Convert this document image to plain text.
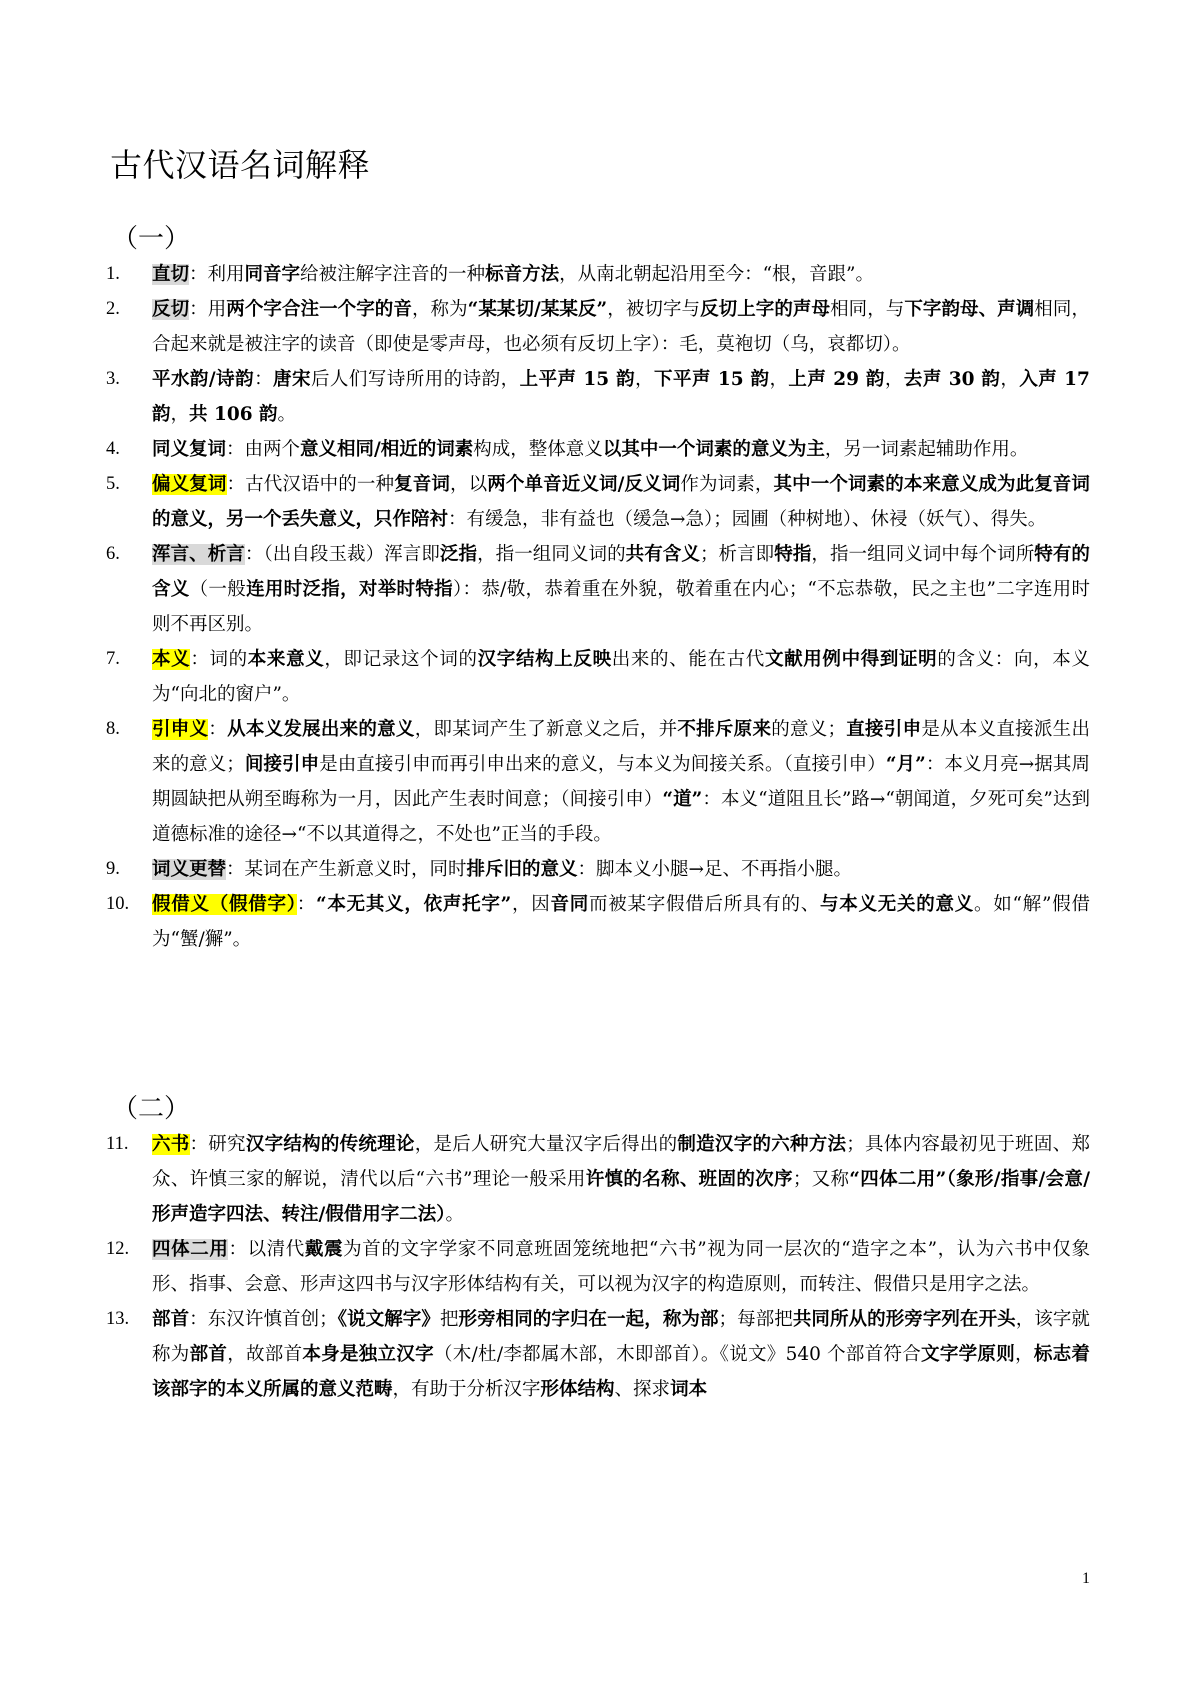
古代汉语名词解释
（一）
1.	直切：利用同音字给被注解字注音的一种标音方法，从南北朝起沿用至今：“根，音跟”。
2.	反切：用两个字合注一个字的音，称为“某某切/某某反”，被切字与反切上字的声母相同，与下字韵母、声调相同，合起来就是被注字的读音（即使是零声母，也必须有反切上字）：毛，莫袍切（乌，哀都切）。
3.	平水韵/诗韵：唐宋后人们写诗所用的诗韵，上平声 15 韵，下平声 15 韵，上声 29 韵，去声 30 韵，入声 17 韵，共 106 韵。
4.	同义复词：由两个意义相同/相近的词素构成，整体意义以其中一个词素的意义为主，另一词素起辅助作用。
5.	偏义复词：古代汉语中的一种复音词，以两个单音近义词/反义词作为词素，其中一个词素的本来意义成为此复音词的意义，另一个丢失意义，只作陪衬：有缓急，非有益也（缓急→急）；园圃（种树地）、休祲（妖气）、得失。
6.	浑言、析言：（出自段玉裁）浑言即泛指，指一组同义词的共有含义；析言即特指，指一组同义词中每个词所特有的含义（一般连用时泛指，对举时特指）：恭/敬，恭着重在外貌，敬着重在内心；“不忘恭敬，民之主也”二字连用时则不再区别。
7.	本义：词的本来意义，即记录这个词的汉字结构上反映出来的、能在古代文献用例中得到证明的含义：向，本义为“向北的窗户”。
8.	引申义：从本义发展出来的意义，即某词产生了新意义之后，并不排斥原来的意义；直接引申是从本义直接派生出来的意义；间接引申是由直接引申而再引申出来的意义，与本义为间接关系。（直接引申）“月”：本义月亮→据其周期圆缺把从朔至晦称为一月，因此产生表时间意；（间接引申）“道”：本义“道阻且长”路→“朝闻道，夕死可矣”达到道德标准的途径→“不以其道得之，不处也”正当的手段。
9.	词义更替：某词在产生新意义时，同时排斥旧的意义：脚本义小腿→足、不再指小腿。
10.	假借义（假借字）：“本无其义，依声托字”，因音同而被某字假借后所具有的、与本义无关的意义。如“解”假借为“蟹/獬”。
（二）
11.	六书：研究汉字结构的传统理论，是后人研究大量汉字后得出的制造汉字的六种方法；具体内容最初见于班固、郑众、许慎三家的解说，清代以后“六书”理论一般采用许慎的名称、班固的次序；又称“四体二用”（象形/指事/会意/形声造字四法、转注/假借用字二法）。
12.	四体二用：以清代戴震为首的文字学家不同意班固笼统地把“六书”视为同一层次的“造字之本”，认为六书中仅象形、指事、会意、形声这四书与汉字形体结构有关，可以视为汉字的构造原则，而转注、假借只是用字之法。
13.	部首：东汉许慎首创；《说文解字》把形旁相同的字归在一起，称为部；每部把共同所从的形旁字列在开头，该字就称为部首，故部首本身是独立汉字（木/杜/李都属木部，木即部首）。《说文》540 个部首符合文字学原则，标志着该部字的本义所属的意义范畴，有助于分析汉字形体结构、探求词本
1
